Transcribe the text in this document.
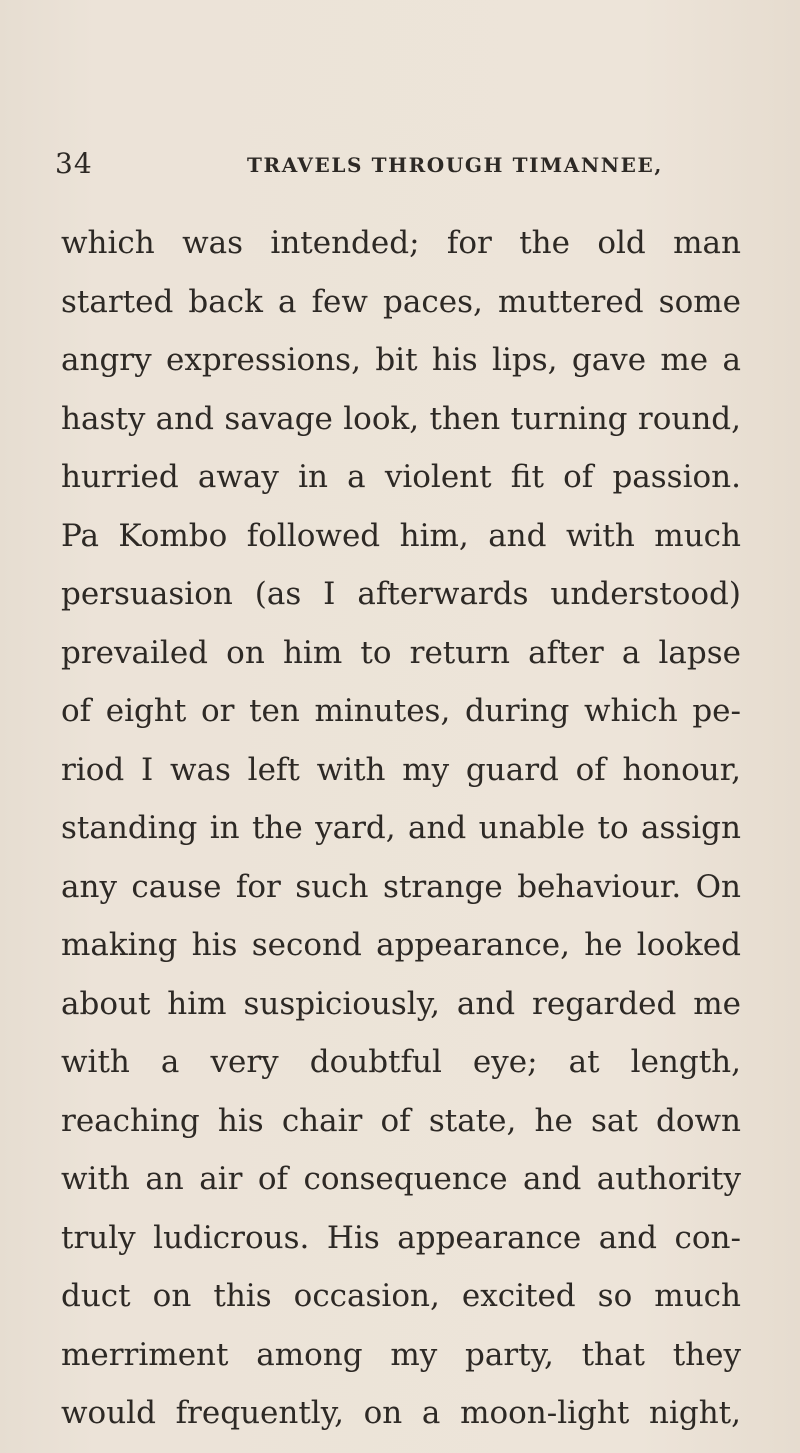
34	TRAVELS THROUGH TIMANNEE,
which was intended; for the old man
started back a few paces, muttered some
angry expressions, bit his lips, gave me a
hasty and savage look, then turning round,
hurried away in a violent fit of passion.
Pa Kombo followed him, and with much
persuasion (as I afterwards understood)
prevailed on him to return after a lapse
of eight or ten minutes, during which pe-
riod I was left with my guard of honour,
standing in the yard, and unable to assign
any cause for such strange behaviour. On
making his second appearance, he looked
about him suspiciously, and regarded me
with a very doubtful eye; at length,
reaching his chair of state, he sat down
with an air of consequence and authority
truly ludicrous. His appearance and con-
duct on this occasion, excited so much
merriment among my party, that they
would frequently, on a moon-light night,
